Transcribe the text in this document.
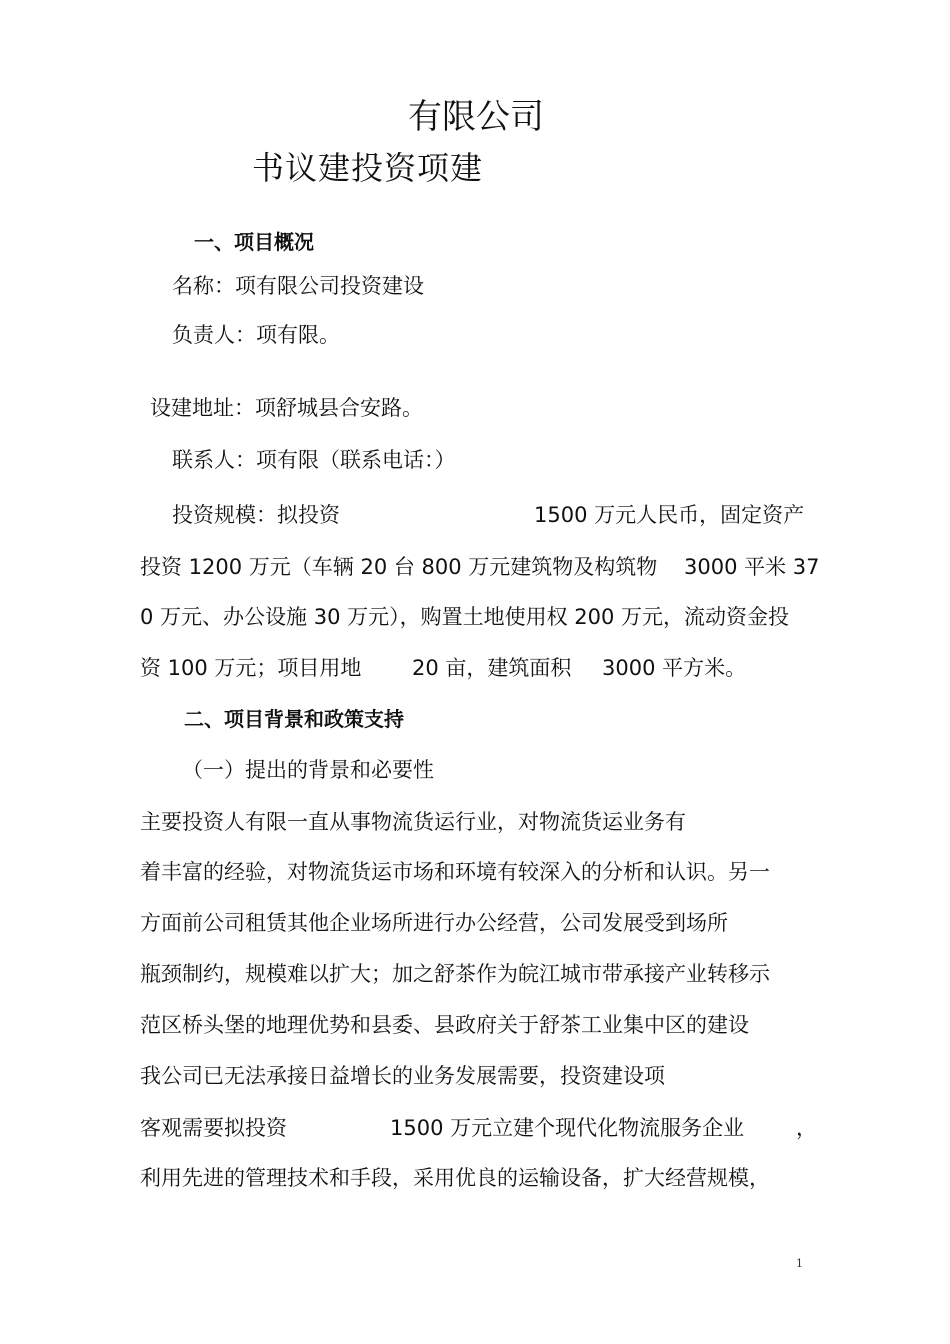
有限公司
书议建投资项建
一、项目概况
名称：项有限公司投资建设
负责人：项有限。
设建地址：项舒城县合安路。
联系人：项有限（联系电话：）
投资规模：拟投资	1500 万元人民币，固定资产
投资 1200 万元（车辆 20 台 800 万元建筑物及构筑物 3000 平米 37
0 万元、办公设施 30 万元），购置土地使用权 200 万元，流动资金投
资 100 万元；项目用地 20 亩，建筑面积 3000 平方米。
二、项目背景和政策支持
（一）提出的背景和必要性
主要投资人有限一直从事物流货运行业，对物流货运业务有
着丰富的经验，对物流货运市场和环境有较深入的分析和认识。另一
方面前公司租赁其他企业场所进行办公经营，公司发展受到场所
瓶颈制约，规模难以扩大；加之舒茶作为皖江城市带承接产业转移示
范区桥头堡的地理优势和县委、县政府关于舒茶工业集中区的建设
我公司已无法承接日益增长的业务发展需要，投资建设项
客观需要拟投资	1500 万元立建个现代化物流服务企业 ，
利用先进的管理技术和手段，采用优良的运输设备，扩大经营规模，
1
